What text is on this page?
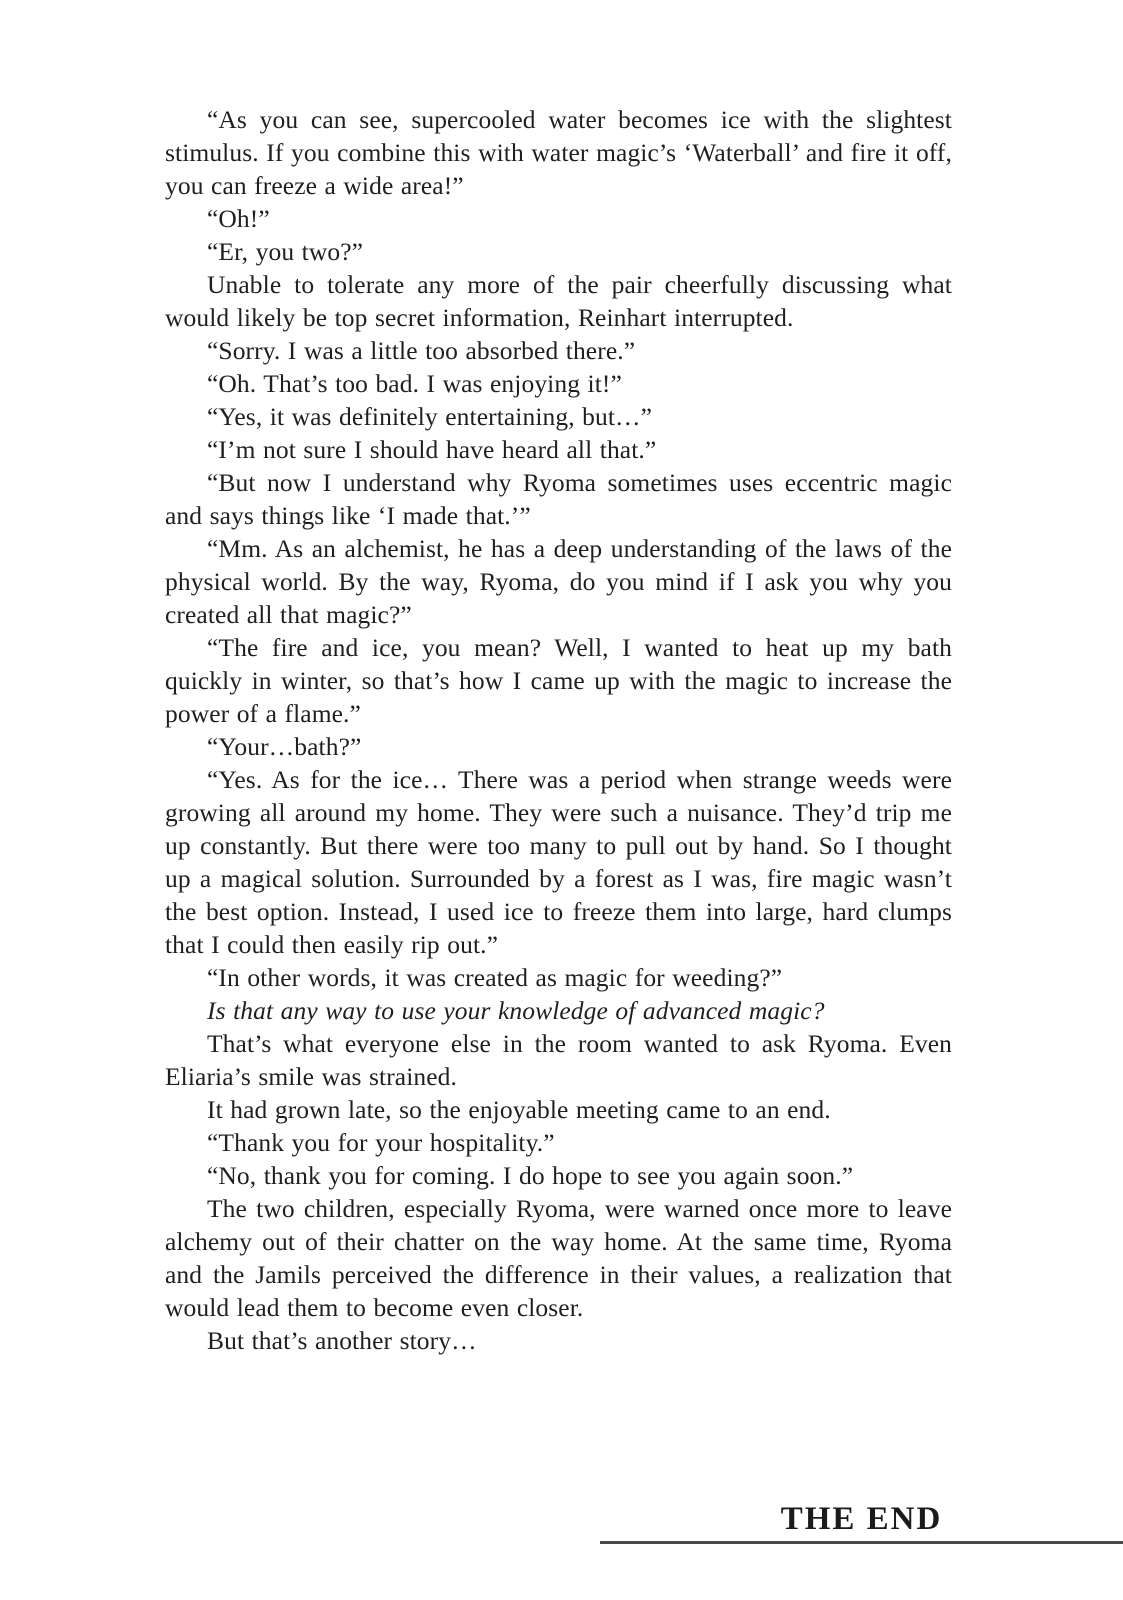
“As you can see, supercooled water becomes ice with the slightest stimulus. If you combine this with water magic’s ‘Waterball’ and fire it off, you can freeze a wide area!”

“Oh!”

“Er, you two?”

Unable to tolerate any more of the pair cheerfully discussing what would likely be top secret information, Reinhart interrupted.

“Sorry. I was a little too absorbed there.”

“Oh. That’s too bad. I was enjoying it!”

“Yes, it was definitely entertaining, but…”

“I’m not sure I should have heard all that.”

“But now I understand why Ryoma sometimes uses eccentric magic and says things like ‘I made that.’”

“Mm. As an alchemist, he has a deep understanding of the laws of the physical world. By the way, Ryoma, do you mind if I ask you why you created all that magic?”

“The fire and ice, you mean? Well, I wanted to heat up my bath quickly in winter, so that’s how I came up with the magic to increase the power of a flame.”

“Your…bath?”

“Yes. As for the ice… There was a period when strange weeds were growing all around my home. They were such a nuisance. They’d trip me up constantly. But there were too many to pull out by hand. So I thought up a magical solution. Surrounded by a forest as I was, fire magic wasn’t the best option. Instead, I used ice to freeze them into large, hard clumps that I could then easily rip out.”

“In other words, it was created as magic for weeding?”

Is that any way to use your knowledge of advanced magic?

That’s what everyone else in the room wanted to ask Ryoma. Even Eliaria’s smile was strained.

It had grown late, so the enjoyable meeting came to an end.

“Thank you for your hospitality.”

“No, thank you for coming. I do hope to see you again soon.”

The two children, especially Ryoma, were warned once more to leave alchemy out of their chatter on the way home. At the same time, Ryoma and the Jamils perceived the difference in their values, a realization that would lead them to become even closer.

But that’s another story…

THE END
